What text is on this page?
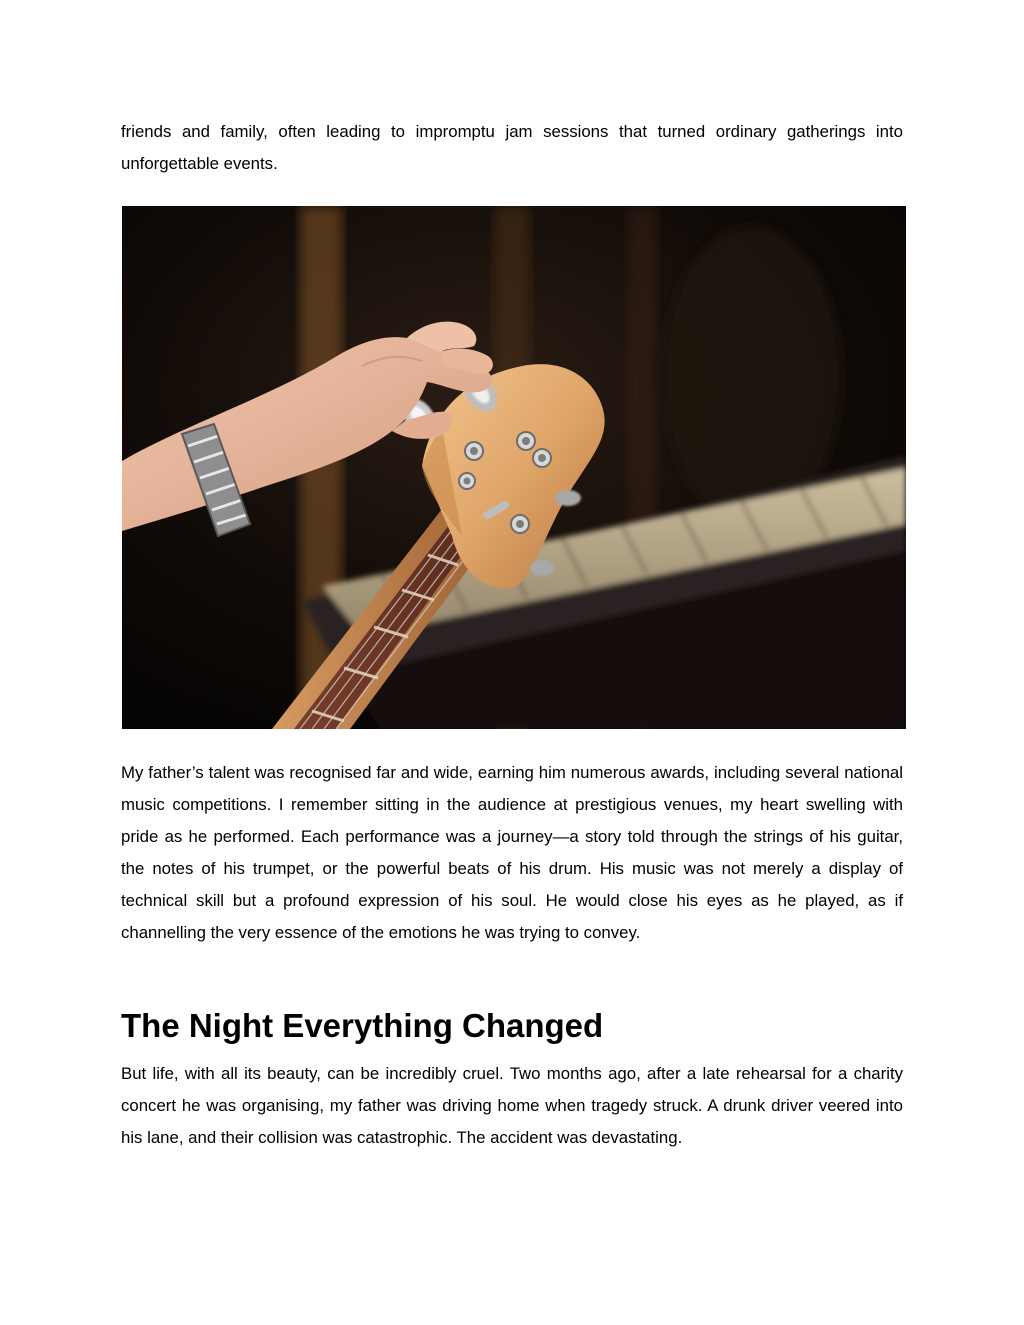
friends and family, often leading to impromptu jam sessions that turned ordinary gatherings into unforgettable events.

My father’s talent was recognised far and wide, earning him numerous awards, including several national music competitions. I remember sitting in the audience at prestigious venues, my heart swelling with pride as he performed. Each performance was a journey—a story told through the strings of his guitar, the notes of his trumpet, or the powerful beats of his drum. His music was not merely a display of technical skill but a profound expression of his soul. He would close his eyes as he played, as if channelling the very essence of the emotions he was trying to convey.

The Night Everything Changed

But life, with all its beauty, can be incredibly cruel. Two months ago, after a late rehearsal for a charity concert he was organising, my father was driving home when tragedy struck. A drunk driver veered into his lane, and their collision was catastrophic. The accident was devastating.
